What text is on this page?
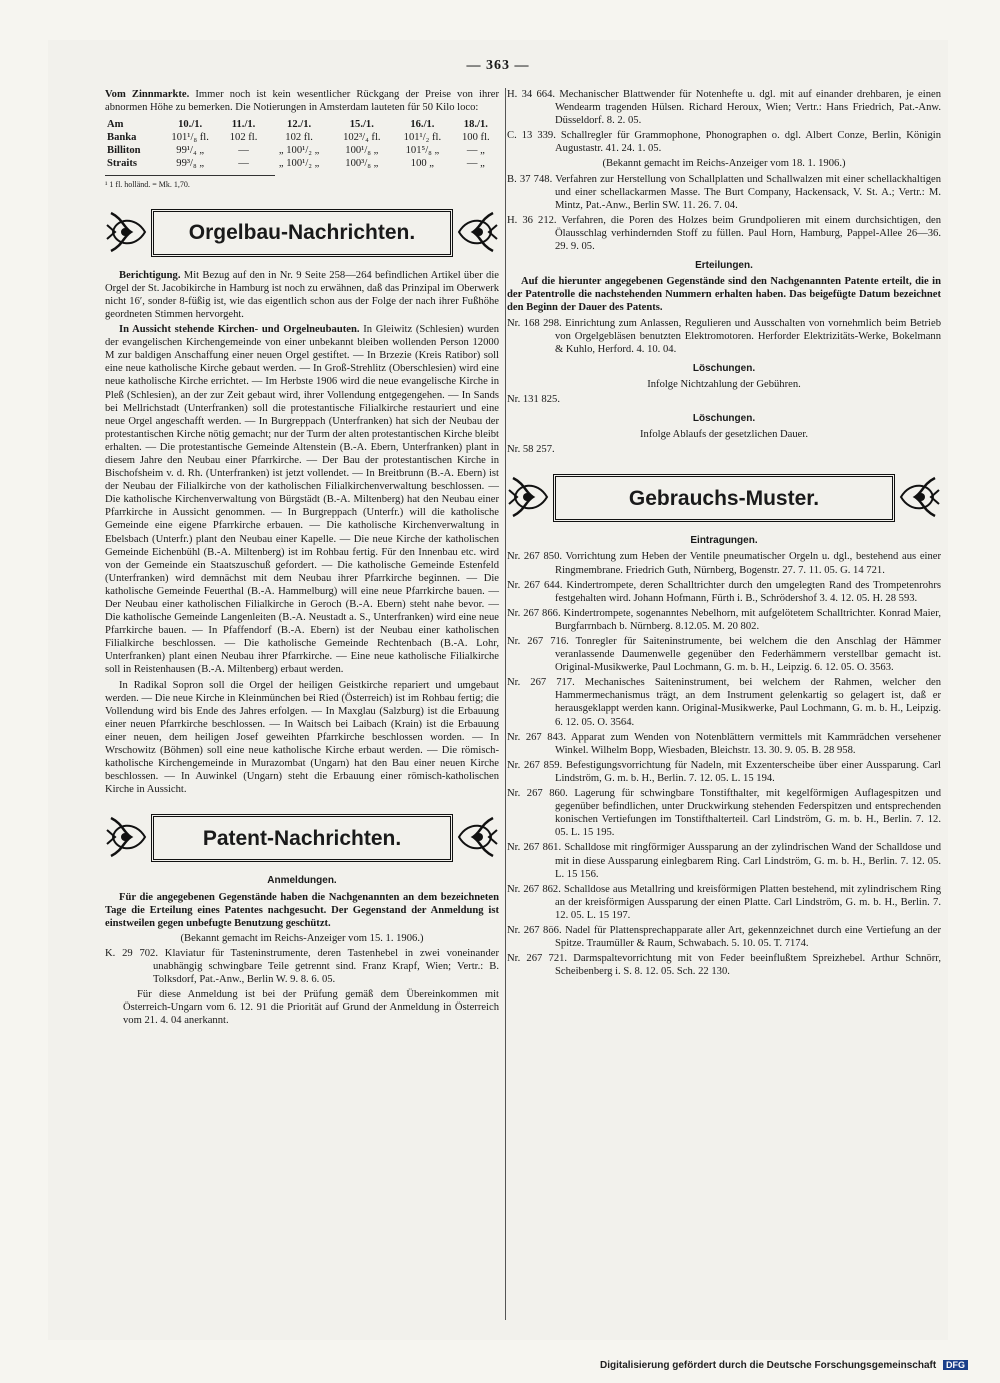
— 363 —

Vom Zinnmarkte. Immer noch ist kein wesentlicher Rückgang der Preise von ihrer abnormen Höhe zu bemerken. Die Notierungen in Amsterdam lauteten für 50 Kilo loco:

Am	10./1.	11./1.	12./1.	15./1.	16./1.	18./1.
Banka	101¹/₈ fl.	102 fl.	102 fl.	102³/₄ fl.	101¹/₂ fl.	100 fl.
Billiton	99¹/₄ „	—	„ 100¹/₂ „	100¹/₈ „	101⁵/₈ „	— „
Straits	99³/₈ „	—	„ 100¹/₂ „	100³/₈ „	100 „	— „

¹ 1 fl. holländ. = Mk. 1,70.

Orgelbau-Nachrichten.

Berichtigung. Mit Bezug auf den in Nr. 9 Seite 258—264 befindlichen Artikel über die Orgel der St. Jacobikirche in Hamburg ist noch zu erwähnen, daß das Prinzipal im Oberwerk nicht 16′, sonder 8-füßig ist, wie das eigentlich schon aus der Folge der nach ihrer Fußhöhe geordneten Stimmen hervorgeht.

In Aussicht stehende Kirchen- und Orgelneubauten. In Gleiwitz (Schlesien) wurden der evangelischen Kirchengemeinde von einer unbekannt bleiben wollenden Person 12000 M zur baldigen Anschaffung einer neuen Orgel gestiftet. — In Brzezie (Kreis Ratibor) soll eine neue katholische Kirche gebaut werden. — In Groß-Strehlitz (Oberschlesien) wird eine neue katholische Kirche errichtet. — Im Herbste 1906 wird die neue evangelische Kirche in Pleß (Schlesien), an der zur Zeit gebaut wird, ihrer Vollendung entgegengehen. — In Sands bei Mellrichstadt (Unterfranken) soll die protestantische Filialkirche restauriert und eine neue Orgel angeschafft werden. — In Burgreppach (Unterfranken) hat sich der Neubau der protestantischen Kirche nötig gemacht; nur der Turm der alten protestantischen Kirche bleibt erhalten. — Die protestantische Gemeinde Altenstein (B.-A. Ebern, Unterfranken) plant in diesem Jahre den Neubau einer Pfarrkirche. — Der Bau der protestantischen Kirche in Bischofsheim v. d. Rh. (Unterfranken) ist jetzt vollendet. — In Breitbrunn (B.-A. Ebern) ist der Neubau der Filialkirche von der katholischen Filialkirchenverwaltung beschlossen. — Die katholische Kirchenverwaltung von Bürgstädt (B.-A. Miltenberg) hat den Neubau einer Pfarrkirche in Aussicht genommen. — In Burgreppach (Unterfr.) will die katholische Gemeinde eine eigene Pfarrkirche erbauen. — Die katholische Kirchenverwaltung in Ebelsbach (Unterfr.) plant den Neubau einer Kapelle. — Die neue Kirche der katholischen Gemeinde Eichenbühl (B.-A. Miltenberg) ist im Rohbau fertig. Für den Innenbau etc. wird von der Gemeinde ein Staatszuschuß gefordert. — Die katholische Gemeinde Estenfeld (Unterfranken) wird demnächst mit dem Neubau ihrer Pfarrkirche beginnen. — Die katholische Gemeinde Feuerthal (B.-A. Hammelburg) will eine neue Pfarrkirche bauen. — Der Neubau einer katholischen Filialkirche in Geroch (B.-A. Ebern) steht nahe bevor. — Die katholische Gemeinde Langenleiten (B.-A. Neustadt a. S., Unterfranken) wird eine neue Pfarrkirche bauen. — In Pfaffendorf (B.-A. Ebern) ist der Neubau einer katholischen Filialkirche beschlossen. — Die katholische Gemeinde Rechtenbach (B.-A. Lohr, Unterfranken) plant einen Neubau ihrer Pfarrkirche. — Eine neue katholische Filialkirche soll in Reistenhausen (B.-A. Miltenberg) erbaut werden.

In Radikal Sopron soll die Orgel der heiligen Geistkirche repariert und umgebaut werden. — Die neue Kirche in Kleinmünchen bei Ried (Österreich) ist im Rohbau fertig; die Vollendung wird bis Ende des Jahres erfolgen. — In Maxglau (Salzburg) ist die Erbauung einer neuen Pfarrkirche beschlossen. — In Waitsch bei Laibach (Krain) ist die Erbauung einer neuen, dem heiligen Josef geweihten Pfarrkirche beschlossen worden. — In Wrschowitz (Böhmen) soll eine neue katholische Kirche erbaut werden. — Die römisch-katholische Kirchengemeinde in Murazombat (Ungarn) hat den Bau einer neuen Kirche beschlossen. — In Auwinkel (Ungarn) steht die Erbauung einer römisch-katholischen Kirche in Aussicht.

Patent-Nachrichten.
Anmeldungen.

Für die angegebenen Gegenstände haben die Nachgenannten an dem bezeichneten Tage die Erteilung eines Patentes nachgesucht. Der Gegenstand der Anmeldung ist einstweilen gegen unbefugte Benutzung geschützt.

(Bekannt gemacht im Reichs-Anzeiger vom 15. 1. 1906.)

K. 29 702. Klaviatur für Tasteninstrumente, deren Tastenhebel in zwei voneinander unabhängig schwingbare Teile getrennt sind. Franz Krapf, Wien; Vertr.: B. Tolksdorf, Pat.-Anw., Berlin W. 9. 8. 6. 05.

Für diese Anmeldung ist bei der Prüfung gemäß dem Übereinkommen mit Österreich-Ungarn vom 6. 12. 91 die Priorität auf Grund der Anmeldung in Österreich vom 21. 4. 04 anerkannt.

H. 34 664. Mechanischer Blattwender für Notenhefte u. dgl. mit auf einander drehbaren, je einen Wendearm tragenden Hülsen. Richard Heroux, Wien; Vertr.: Hans Friedrich, Pat.-Anw. Düsseldorf. 8. 2. 05.

C. 13 339. Schallregler für Grammophone, Phonographen o. dgl. Albert Conze, Berlin, Königin Augustastr. 41. 24. 1. 05.

(Bekannt gemacht im Reichs-Anzeiger vom 18. 1. 1906.)

B. 37 748. Verfahren zur Herstellung von Schallplatten und Schallwalzen mit einer schellackhaltigen und einer schellackarmen Masse. The Burt Company, Hackensack, V. St. A.; Vertr.: M. Mintz, Pat.-Anw., Berlin SW. 11. 26. 7. 04.

H. 36 212. Verfahren, die Poren des Holzes beim Grundpolieren mit einem durchsichtigen, den Ölausschlag verhindernden Stoff zu füllen. Paul Horn, Hamburg, Pappel-Allee 26—36. 29. 9. 05.

Erteilungen.

Auf die hierunter angegebenen Gegenstände sind den Nachgenannten Patente erteilt, die in der Patentrolle die nachstehenden Nummern erhalten haben. Das beigefügte Datum bezeichnet den Beginn der Dauer des Patents.

Nr. 168 298. Einrichtung zum Anlassen, Regulieren und Ausschalten von vornehmlich beim Betrieb von Orgelgebläsen benutzten Elektromotoren. Herforder Elektrizitäts-Werke, Bokelmann & Kuhlo, Herford. 4. 10. 04.

Löschungen.

Infolge Nichtzahlung der Gebühren.

Nr. 131 825.

Löschungen.

Infolge Ablaufs der gesetzlichen Dauer.

Nr. 58 257.

Gebrauchs-Muster.
Eintragungen.

Nr. 267 850. Vorrichtung zum Heben der Ventile pneumatischer Orgeln u. dgl., bestehend aus einer Ringmembrane. Friedrich Guth, Nürnberg, Bogenstr. 27. 7. 11. 05. G. 14 721.

Nr. 267 644. Kindertrompete, deren Schalltrichter durch den umgelegten Rand des Trompetenrohrs festgehalten wird. Johann Hofmann, Fürth i. B., Schrödershof 3. 4. 12. 05. H. 28 593.

Nr. 267 866. Kindertrompete, sogenanntes Nebelhorn, mit aufgelötetem Schalltrichter. Konrad Maier, Burgfarrnbach b. Nürnberg. 8.12.05. M. 20 802.

Nr. 267 716. Tonregler für Saiteninstrumente, bei welchem die den Anschlag der Hämmer veranlassende Daumenwelle gegenüber den Federhämmern verstellbar gemacht ist. Original-Musikwerke, Paul Lochmann, G. m. b. H., Leipzig. 6. 12. 05. O. 3563.

Nr. 267 717. Mechanisches Saiteninstrument, bei welchem der Rahmen, welcher den Hammermechanismus trägt, an dem Instrument gelenkartig so gelagert ist, daß er herausgeklappt werden kann. Original-Musikwerke, Paul Lochmann, G. m. b. H., Leipzig. 6. 12. 05. O. 3564.

Nr. 267 843. Apparat zum Wenden von Notenblättern vermittels mit Kammrädchen versehener Winkel. Wilhelm Bopp, Wiesbaden, Bleichstr. 13. 30. 9. 05. B. 28 958.

Nr. 267 859. Befestigungsvorrichtung für Nadeln, mit Exzenterscheibe über einer Aussparung. Carl Lindström, G. m. b. H., Berlin. 7. 12. 05. L. 15 194.

Nr. 267 860. Lagerung für schwingbare Tonstifthalter, mit kegelförmigen Auflagespitzen und gegenüber befindlichen, unter Druckwirkung stehenden Federspitzen und entsprechenden konischen Vertiefungen im Tonstifthalterteil. Carl Lindström, G. m. b. H., Berlin. 7. 12. 05. L. 15 195.

Nr. 267 861. Schalldose mit ringförmiger Aussparung an der zylindrischen Wand der Schalldose und mit in diese Aussparung einlegbarem Ring. Carl Lindström, G. m. b. H., Berlin. 7. 12. 05. L. 15 156.

Nr. 267 862. Schalldose aus Metallring und kreisförmigen Platten bestehend, mit zylindrischem Ring an der kreisförmigen Aussparung der einen Platte. Carl Lindström, G. m. b. H., Berlin. 7. 12. 05. L. 15 197.

Nr. 267 8ö6. Nadel für Plattensprechapparate aller Art, gekennzeichnet durch eine Vertiefung an der Spitze. Traumüller & Raum, Schwabach. 5. 10. 05. T. 7174.

Nr. 267 721. Darmspaltevorrichtung mit von Feder beeinflußtem Spreizhebel. Arthur Schnörr, Scheibenberg i. S. 8. 12. 05. Sch. 22 130.

Digitalisierung gefördert durch die Deutsche Forschungsgemeinschaft DFG
